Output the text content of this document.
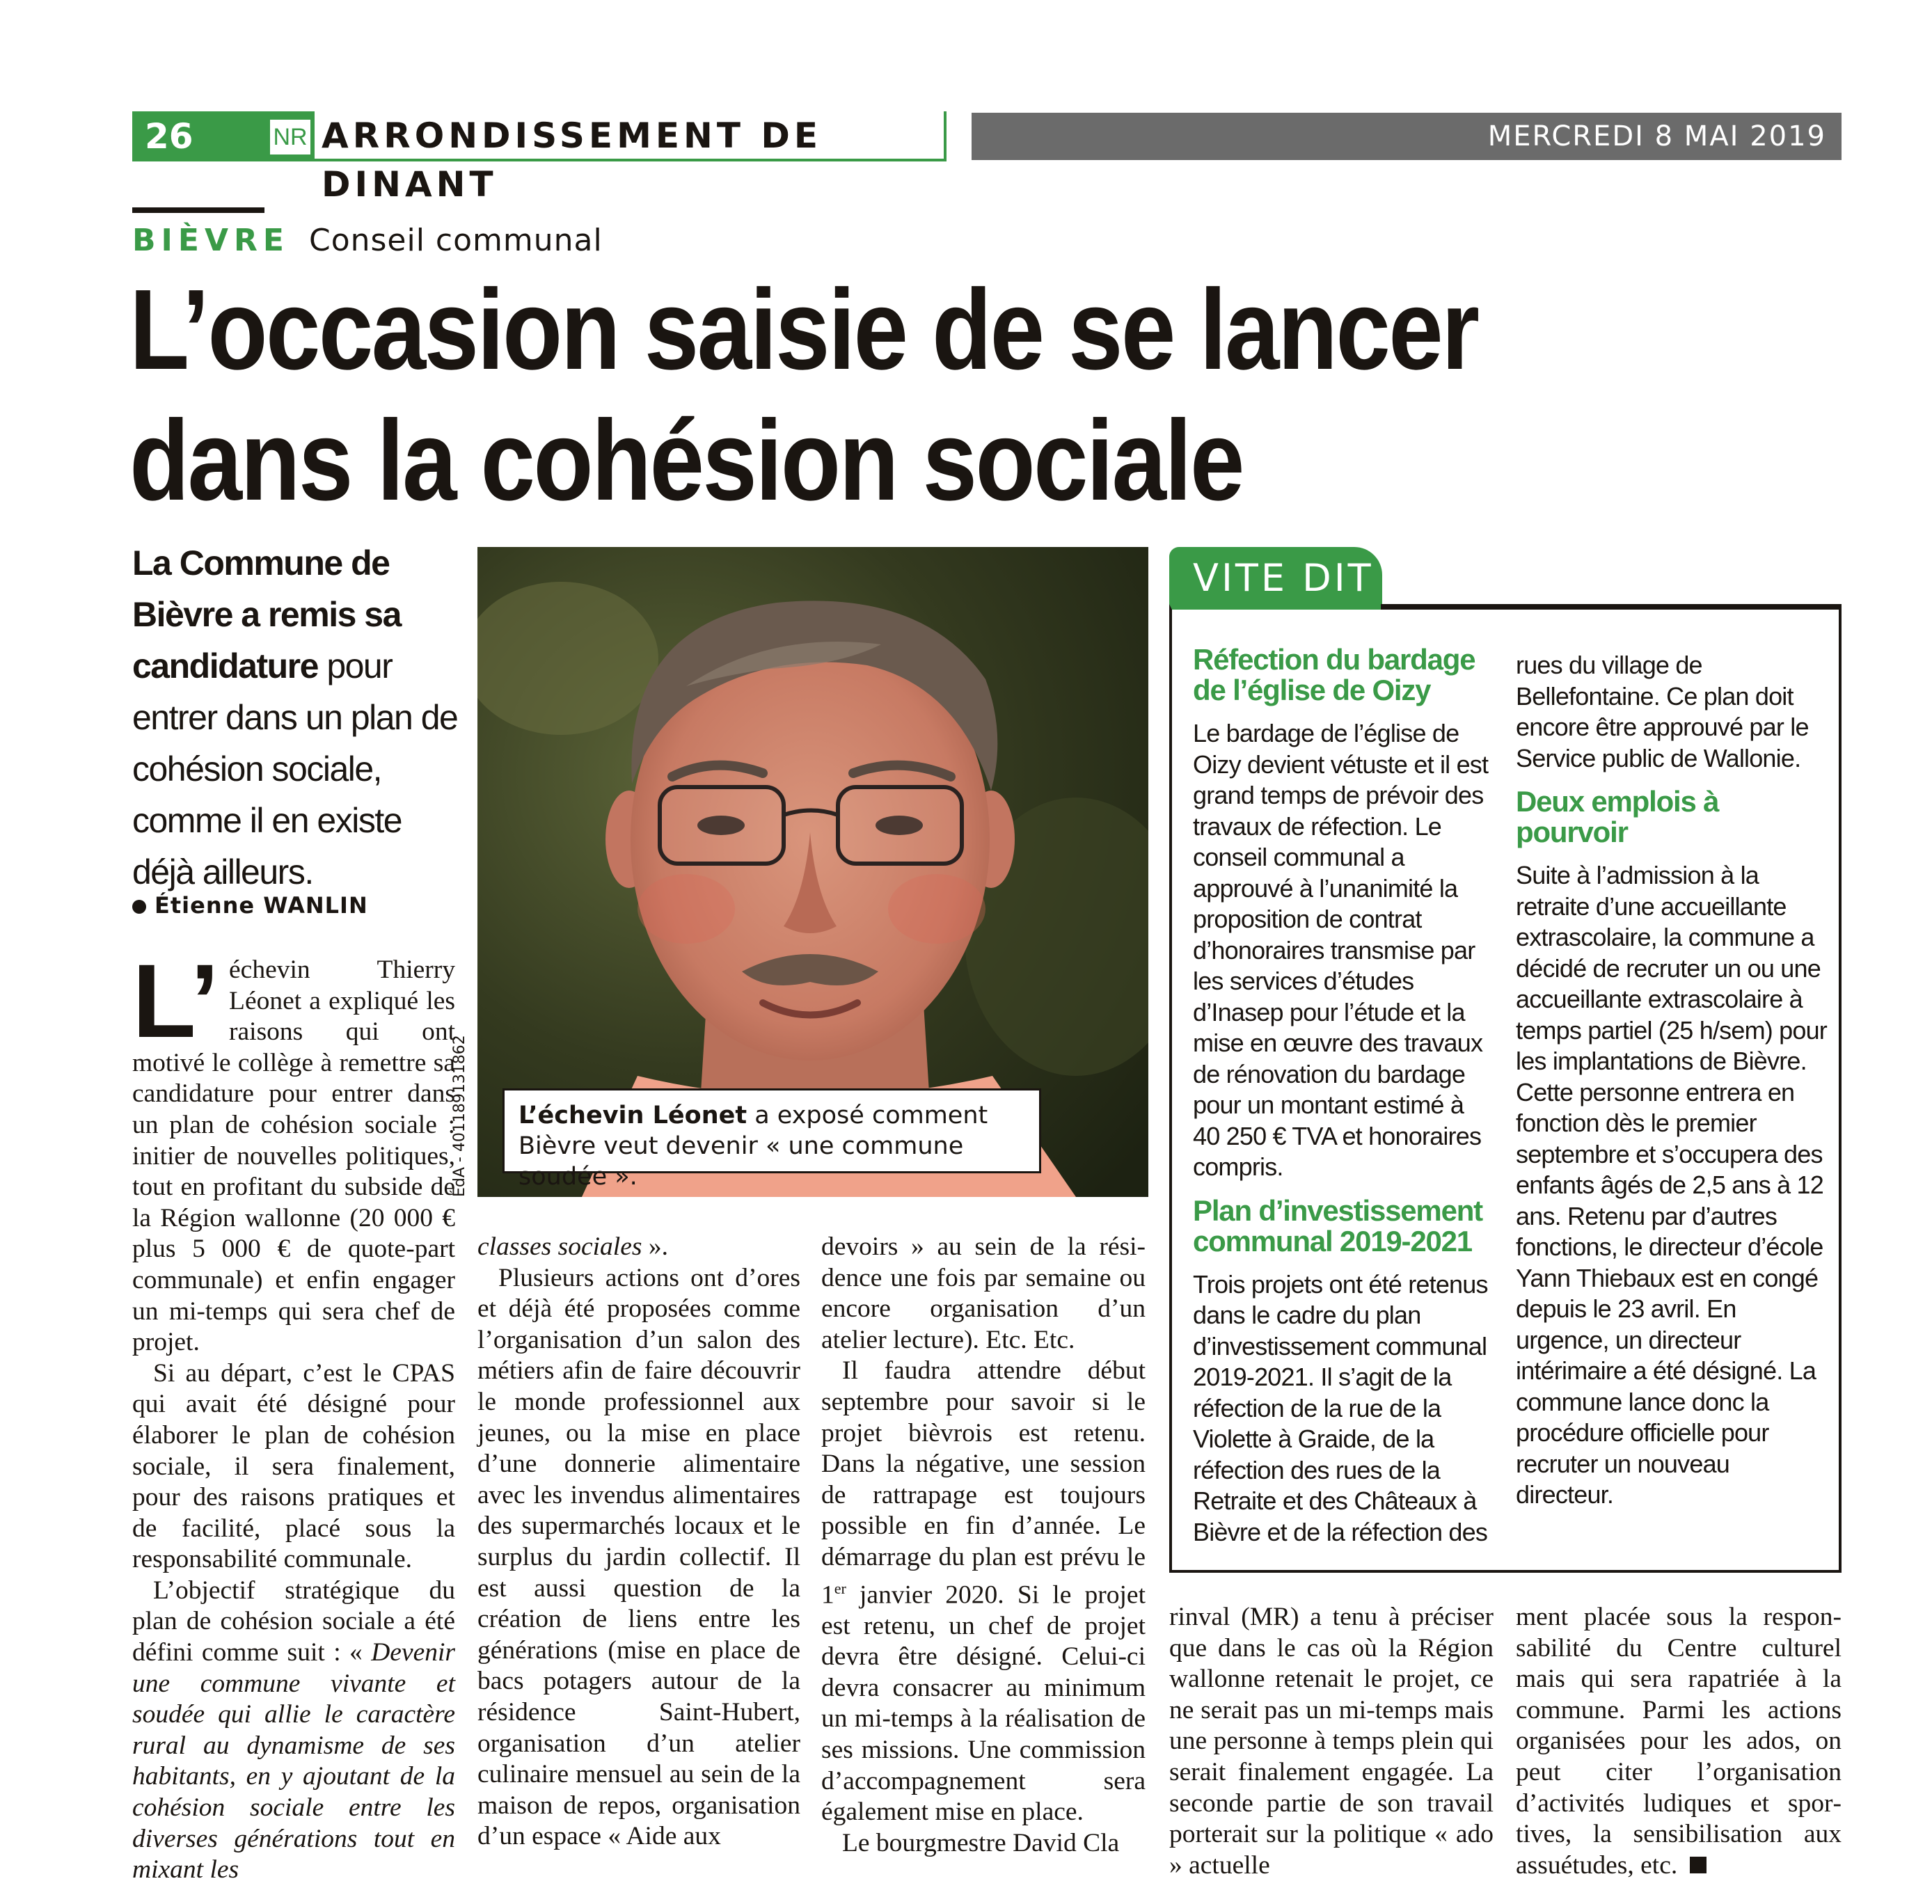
26	NR ARRONDISSEMENT DE DINANT
MERCREDI 8 MAI 2019
BIÈVRE Conseil communal
L’occasion saisie de se lancer
dans la cohésion sociale
La Commune de Bièvre a remis sa candidature pour entrer dans un plan de cohésion sociale, comme il en existe déjà ailleurs.
Étienne WANLIN
ÉdA - 401189131862	L’échevin Léonet a exposé comment Bièvre veut devenir « une commune soudée ».

L’ échevin Thierry Léonet a expliqué les raisons qui ont motivé le collège à remettre sa candidature pour entrer dans un plan de cohésion sociale : initier de nouvelles politiques, tout en profitant du subside de la Région wallonne (20 000 € plus 5 000 € de quote-part communale) et enfin engager un mi-temps qui sera chef de projet.

Si au départ, c’est le CPAS qui avait été désigné pour élaborer le plan de cohésion sociale, il sera finalement, pour des raisons pratiques et de facilité, placé sous la responsabilité communale.

L’objectif stratégique du plan de cohésion sociale a été défini comme suit : « Devenir une commune vivante et soudée qui allie le caractère rural au dynamisme de ses habitants, en y ajoutant de la cohésion sociale entre les diverses générations tout en mixant les

classes sociales ».

Plusieurs actions ont d’ores et déjà été proposées comme l’organisation d’un salon des métiers afin de faire découvrir le monde professionnel aux jeunes, ou la mise en place d’une donnerie alimentaire avec les invendus alimentaires des supermarchés locaux et le surplus du jardin collectif. Il est aussi question de la création de liens entre les générations (mise en place de bacs potagers autour de la résidence Saint-Hubert, organisation d’un atelier culinaire mensuel au sein de la maison de repos, organisation d’un espace « Aide aux

devoirs » au sein de la résidence une fois par semaine ou encore organisation d’un atelier lecture). Etc. Etc.

Il faudra attendre début septembre pour savoir si le projet bièvrois est retenu. Dans la négative, une session de rattrapage est toujours possible en fin d’année. Le démarrage du plan est prévu le 1er janvier 2020. Si le projet est retenu, un chef de projet devra être désigné. Celui-ci devra consacrer au minimum un mi-temps à la réalisation de ses missions. Une commission d’accompagnement sera également mise en place.

Le bourgmestre David Cla

rinval (MR) a tenu à préciser que dans le cas où la Région wallonne retenait le projet, ce ne serait pas un mi-temps mais une personne à temps plein qui serait finalement engagée. La seconde partie de son travail porterait sur la politique « ado » actuelle

ment placée sous la responsabilité du Centre culturel mais qui sera rapatriée à la commune. Parmi les actions organisées pour les ados, on peut citer l’organisation d’activités ludiques et sportives, la sensibilisation aux assuétudes, etc.

VITE DIT
Réfection du bardage de l’église de Oizy
Le bardage de l’église de Oizy devient vétuste et il est grand temps de prévoir des travaux de réfection. Le conseil communal a approuvé à l’unanimité la proposition de contrat d’honoraires transmise par les services d’études d’Inasep pour l’étude et la mise en œuvre des travaux de rénovation du bardage pour un montant estimé à 40 250 € TVA et honoraires compris.
Plan d’investissement communal 2019-2021
Trois projets ont été retenus dans le cadre du plan d’investissement communal 2019-2021. Il s’agit de la réfection de la rue de la Violette à Graide, de la réfection des rues de la Retraite et des Châteaux à Bièvre et de la réfection des
rues du village de Bellefontaine. Ce plan doit encore être approuvé par le Service public de Wallonie.
Deux emplois à pourvoir
Suite à l’admission à la retraite d’une accueillante extrascolaire, la commune a décidé de recruter un ou une accueillante extrascolaire à temps partiel (25 h/sem) pour les implantations de Bièvre. Cette personne entrera en fonction dès le premier septembre et s’occupera des enfants âgés de 2,5 ans à 12 ans. Retenu par d’autres fonctions, le directeur d’école Yann Thiebaux est en congé depuis le 23 avril. En urgence, un directeur intérimaire a été désigné. La commune lance donc la procédure officielle pour recruter un nouveau directeur.
